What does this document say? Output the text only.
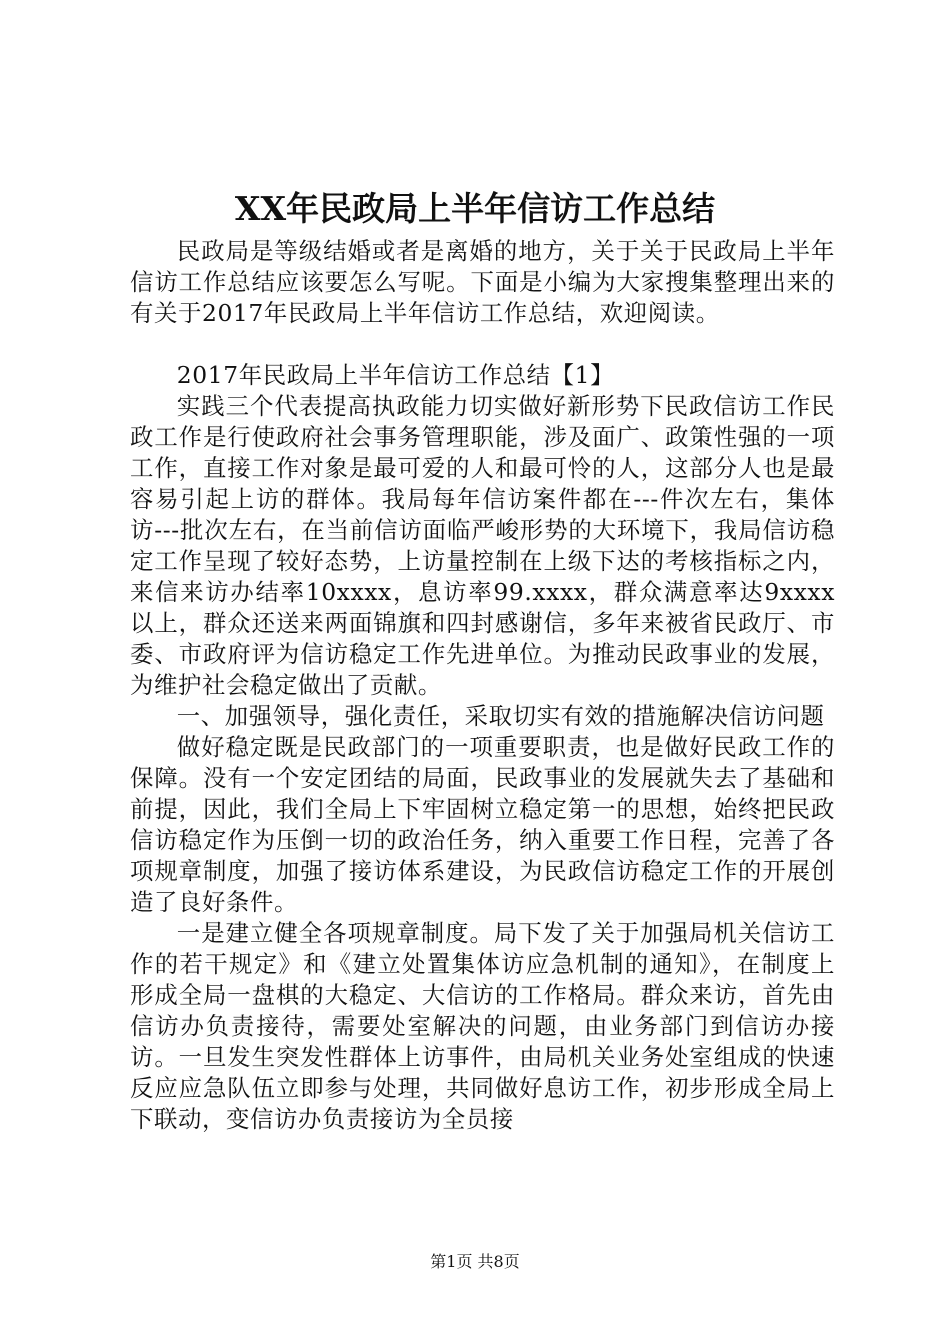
XX年民政局上半年信访工作总结

民政局是等级结婚或者是离婚的地方，关于关于民政局上半年信访工作总结应该要怎么写呢。下面是小编为大家搜集整理出来的有关于2017年民政局上半年信访工作总结，欢迎阅读。

2017年民政局上半年信访工作总结【1】

实践三个代表提高执政能力切实做好新形势下民政信访工作民政工作是行使政府社会事务管理职能，涉及面广、政策性强的一项工作，直接工作对象是最可爱的人和最可怜的人，这部分人也是最容易引起上访的群体。我局每年信访案件都在---件次左右，集体访---批次左右，在当前信访面临严峻形势的大环境下，我局信访稳定工作呈现了较好态势，上访量控制在上级下达的考核指标之内，来信来访办结率10xxxx，息访率99.xxxx，群众满意率达9xxxx以上，群众还送来两面锦旗和四封感谢信，多年来被省民政厅、市委、市政府评为信访稳定工作先进单位。为推动民政事业的发展，为维护社会稳定做出了贡献。

一、加强领导，强化责任，采取切实有效的措施解决信访问题

做好稳定既是民政部门的一项重要职责，也是做好民政工作的保障。没有一个安定团结的局面，民政事业的发展就失去了基础和前提，因此，我们全局上下牢固树立稳定第一的思想，始终把民政信访稳定作为压倒一切的政治任务，纳入重要工作日程，完善了各项规章制度，加强了接访体系建设，为民政信访稳定工作的开展创造了良好条件。

一是建立健全各项规章制度。局下发了关于加强局机关信访工作的若干规定》和《建立处置集体访应急机制的通知》，在制度上形成全局一盘棋的大稳定、大信访的工作格局。群众来访，首先由信访办负责接待，需要处室解决的问题，由业务部门到信访办接访。一旦发生突发性群体上访事件，由局机关业务处室组成的快速反应应急队伍立即参与处理，共同做好息访工作，初步形成全局上下联动，变信访办负责接访为全员接

第1页 共8页
